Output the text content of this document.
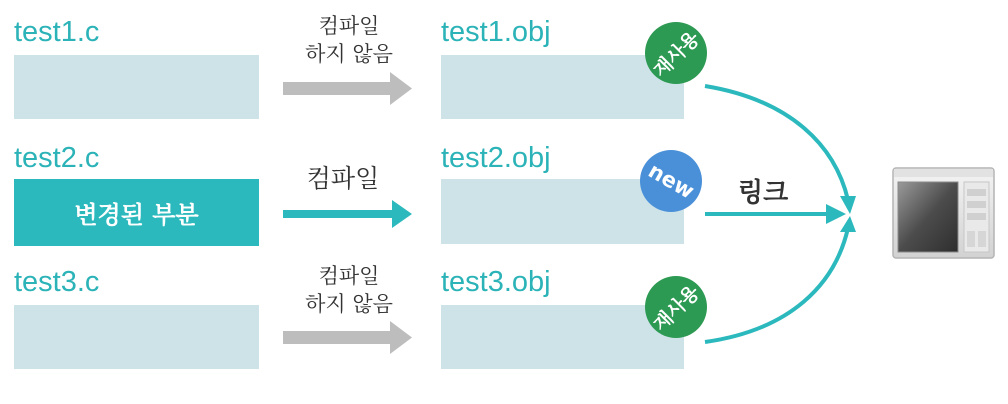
test1.c
test2.c
변경된 부분
test3.c
컴파일
하지 않음
컴파일
컴파일
하지 않음
test1.obj
test2.obj
test3.obj
재사용
new
재사용
링크
